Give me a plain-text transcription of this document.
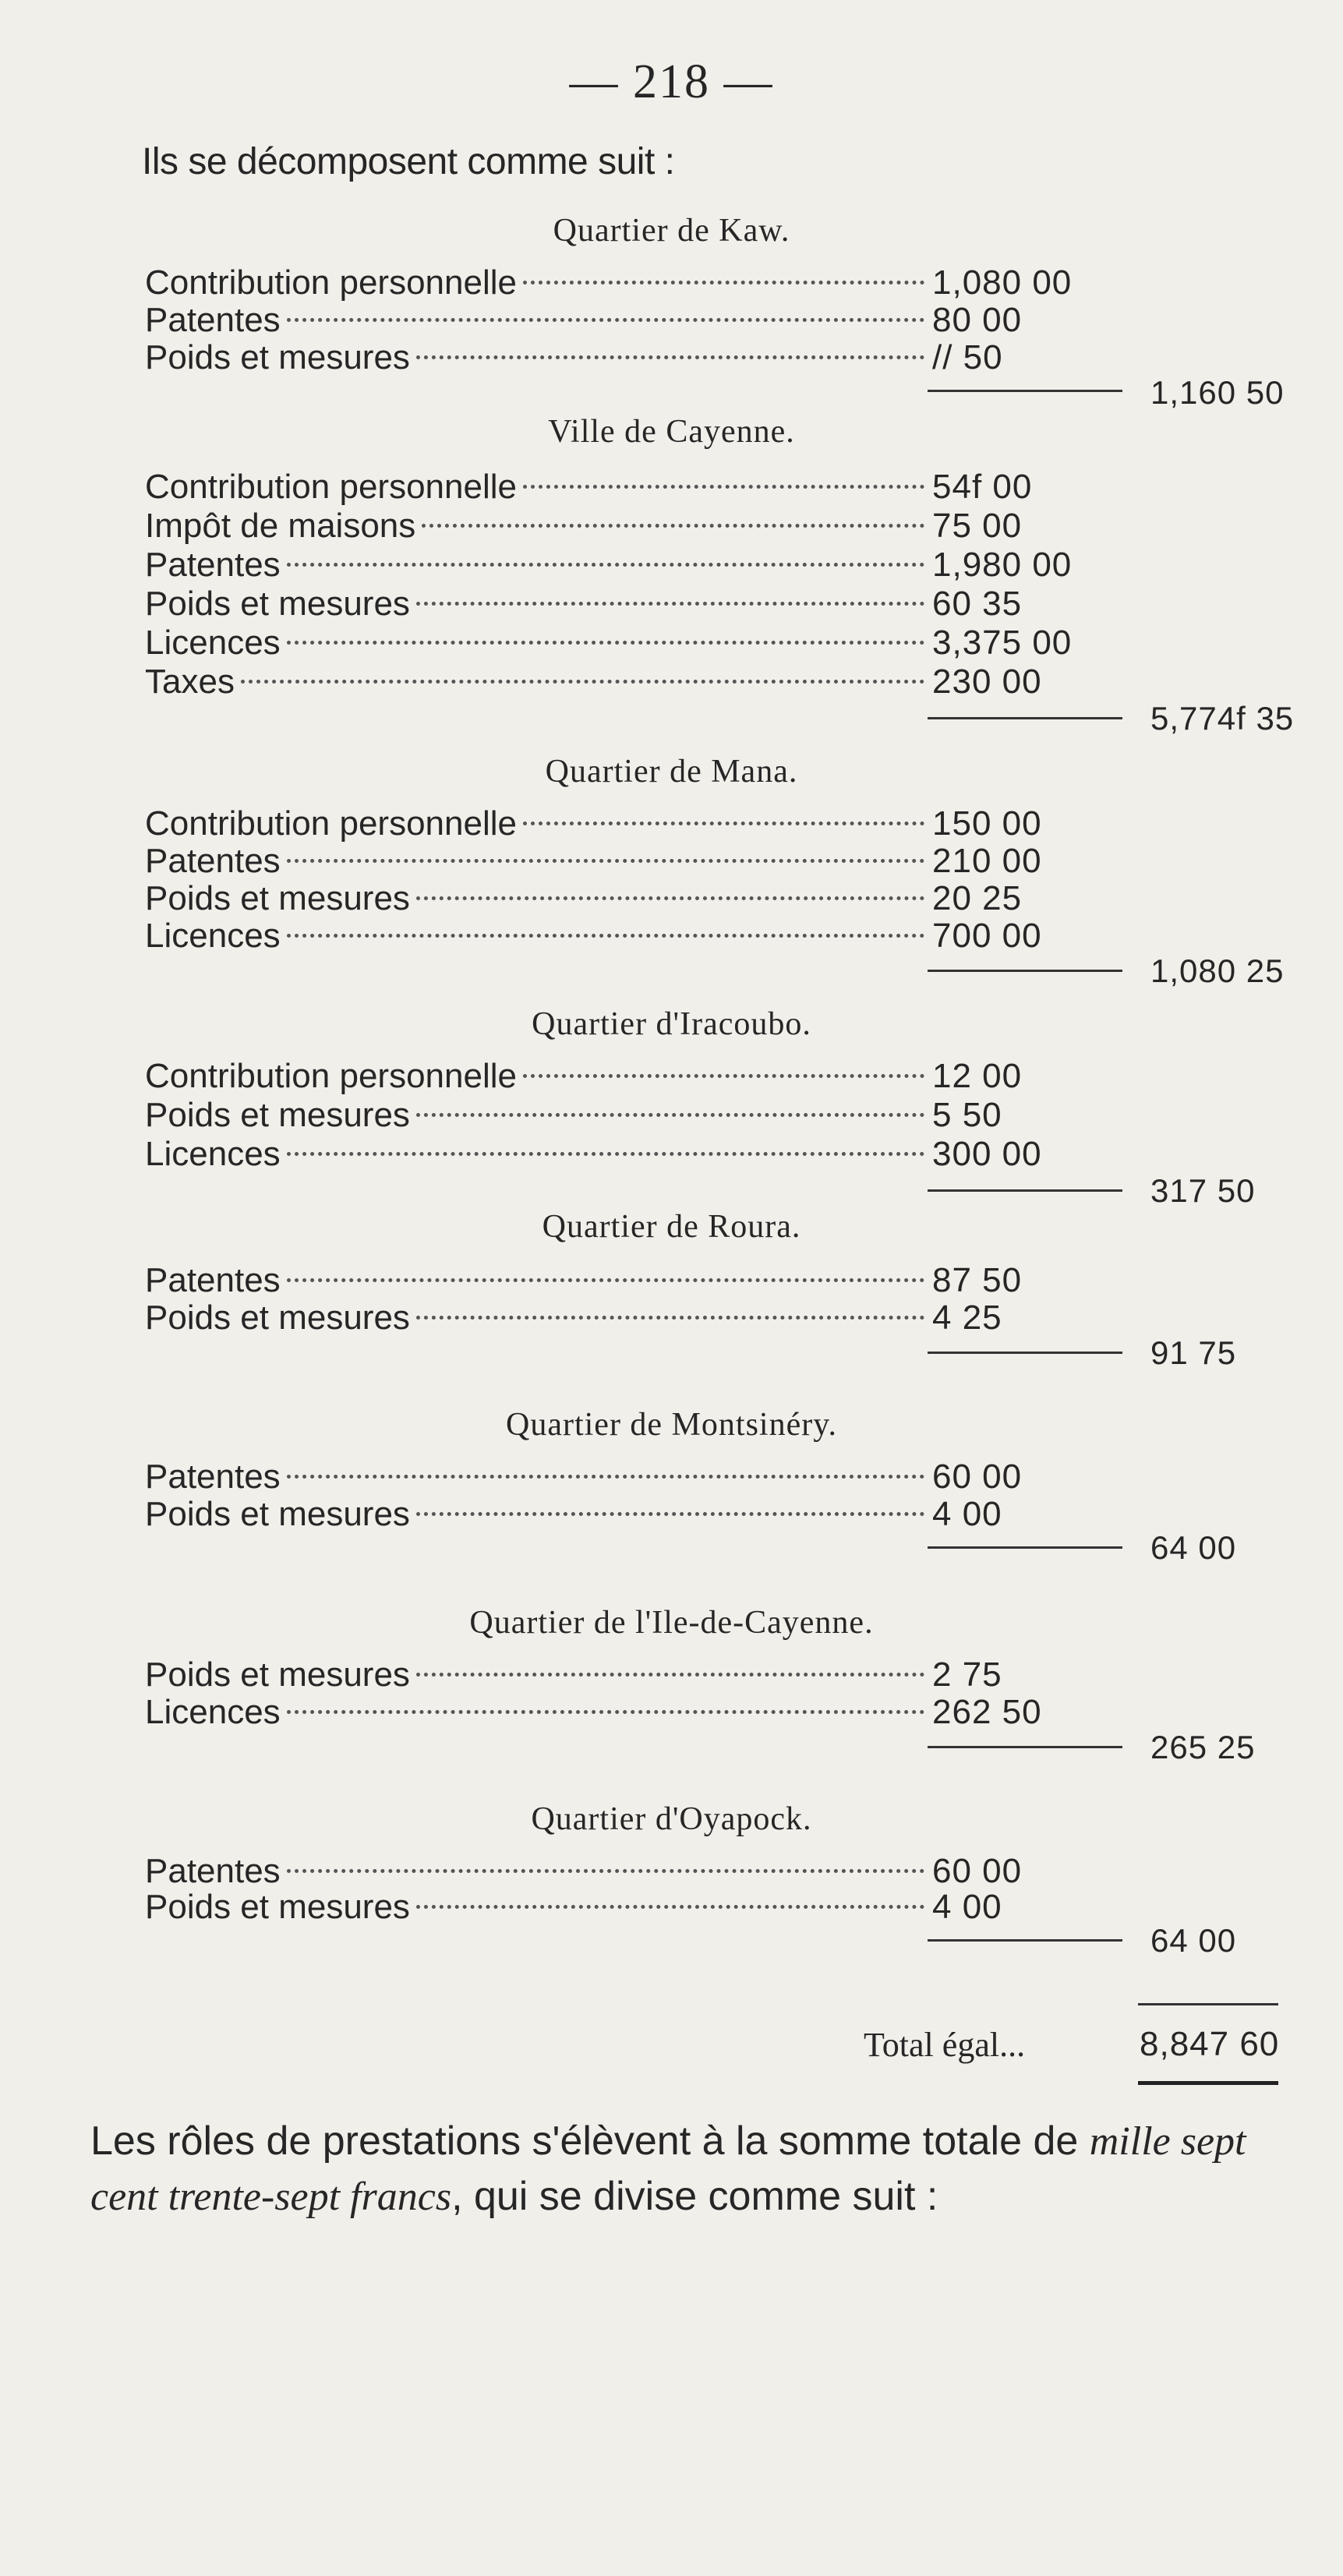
— 218 —
Ils se décomposent comme suit :
Quartier de Kaw.
Contribution personnelle	1,080 00
Patentes	80 00
Poids et mesures	// 50
1,160 50
Ville de Cayenne.
Contribution personnelle	54f 00
Impôt de maisons	75 00
Patentes	1,980 00
Poids et mesures	60 35
Licences	3,375 00
Taxes	230 00
5,774f 35
Quartier de Mana.
Contribution personnelle	150 00
Patentes	210 00
Poids et mesures	20 25
Licences	700 00
1,080 25
Quartier d'Iracoubo.
Contribution personnelle	12 00
Poids et mesures	5 50
Licences	300 00
317 50
Quartier de Roura.
Patentes	87 50
Poids et mesures	4 25
91 75
Quartier de Montsinéry.
Patentes	60 00
Poids et mesures	4 00
64 00
Quartier de l'Ile-de-Cayenne.
Poids et mesures	2 75
Licences	262 50
265 25
Quartier d'Oyapock.
Patentes	60 00
Poids et mesures	4 00
64 00
Total égal...	8,847 60
Les rôles de prestations s'élèvent à la somme totale de mille sept cent trente-sept francs, qui se divise comme suit :
